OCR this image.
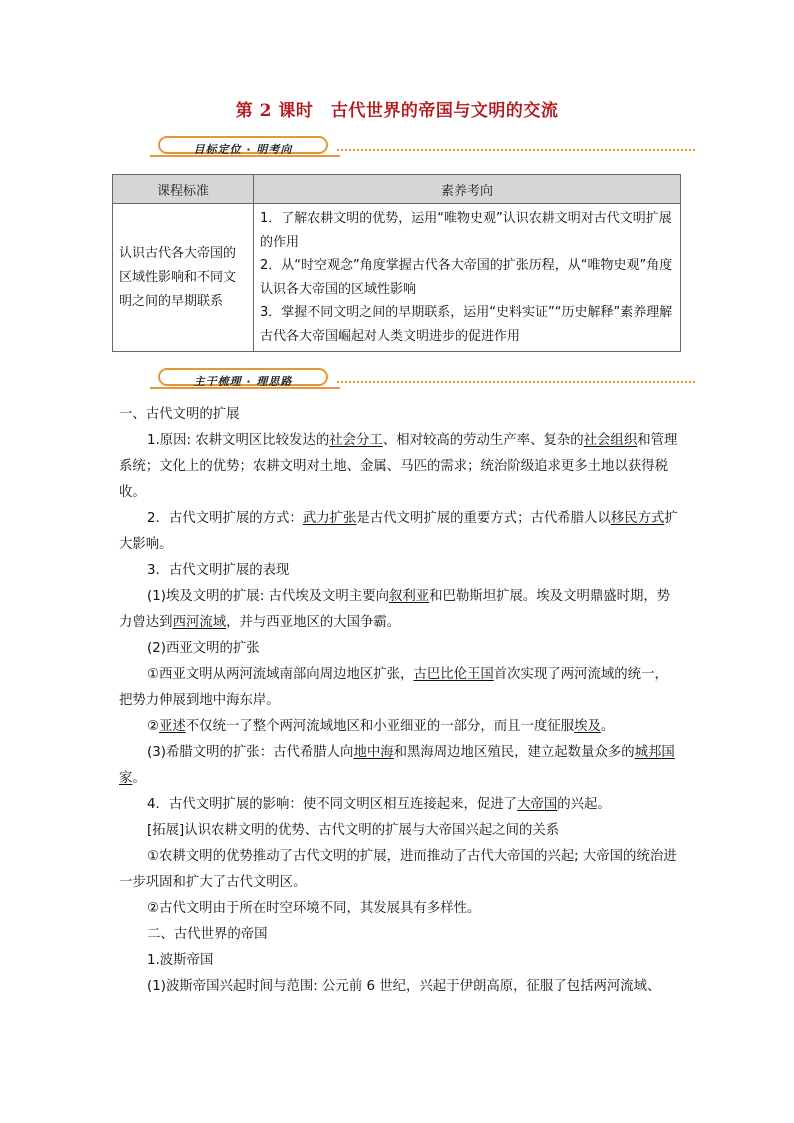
第 2 课时　古代世界的帝国与文明的交流
目标定位 · 明考向
课程标准	素养考向
认识古代各大帝国的区域性影响和不同文明之间的早期联系	1．了解农耕文明的优势，运用“唯物史观”认识农耕文明对古代文明扩展的作用
2．从“时空观念”角度掌握古代各大帝国的扩张历程，从“唯物史观”角度认识各大帝国的区域性影响
3．掌握不同文明之间的早期联系，运用“史料实证”“历史解释”素养理解古代各大帝国崛起对人类文明进步的促进作用
主干梳理 · 理思路

一、古代文明的扩展

1.原因: 农耕文明区比较发达的社会分工、相对较高的劳动生产率、复杂的社会组织和管理系统；文化上的优势；农耕文明对土地、金属、马匹的需求；统治阶级追求更多土地以获得税收。

2．古代文明扩展的方式：武力扩张是古代文明扩展的重要方式；古代希腊人以移民方式扩大影响。

3．古代文明扩展的表现

(1)埃及文明的扩展: 古代埃及文明主要向叙利亚和巴勒斯坦扩展。埃及文明鼎盛时期，势力曾达到西河流域，并与西亚地区的大国争霸。

(2)西亚文明的扩张

①西亚文明从两河流域南部向周边地区扩张，古巴比伦王国首次实现了两河流域的统一，把势力伸展到地中海东岸。

②亚述不仅统一了整个两河流域地区和小亚细亚的一部分，而且一度征服埃及。

(3)希腊文明的扩张：古代希腊人向地中海和黑海周边地区殖民，建立起数量众多的城邦国家。

4．古代文明扩展的影响：使不同文明区相互连接起来，促进了大帝国的兴起。

[拓展]认识农耕文明的优势、古代文明的扩展与大帝国兴起之间的关系

①农耕文明的优势推动了古代文明的扩展，进而推动了古代大帝国的兴起; 大帝国的统治进一步巩固和扩大了古代文明区。

②古代文明由于所在时空环境不同，其发展具有多样性。

二、古代世界的帝国

1.波斯帝国

(1)波斯帝国兴起时间与范围: 公元前 6 世纪，兴起于伊朗高原，征服了包括两河流域、
